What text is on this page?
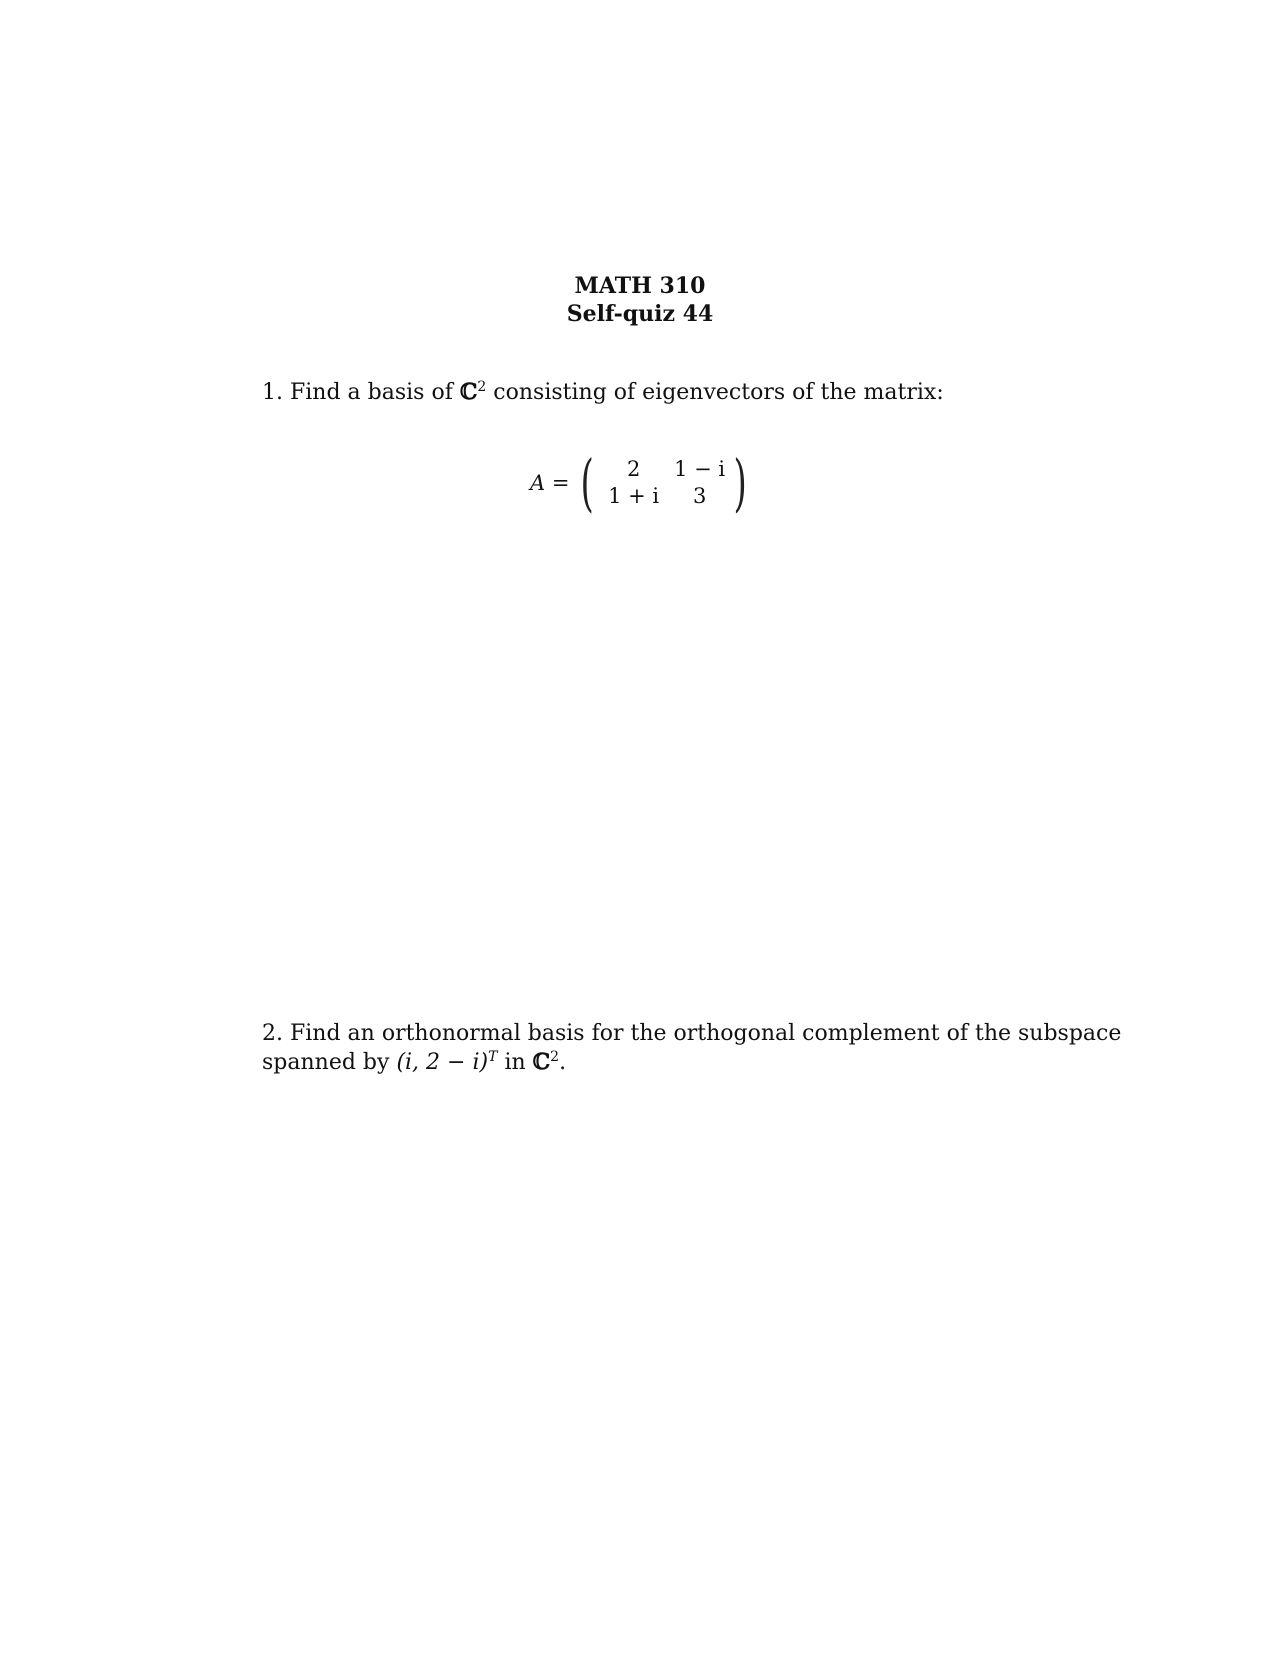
MATH 310
Self-quiz 44
1. Find a basis of ℂ$^2$ consisting of eigenvectors of the matrix:
A = (	2	1 − i
1 + i	3 )
2. Find an orthonormal basis for the orthogonal complement of the subspace
spanned by (i, 2 − i)$^T$ in ℂ$^2$.
